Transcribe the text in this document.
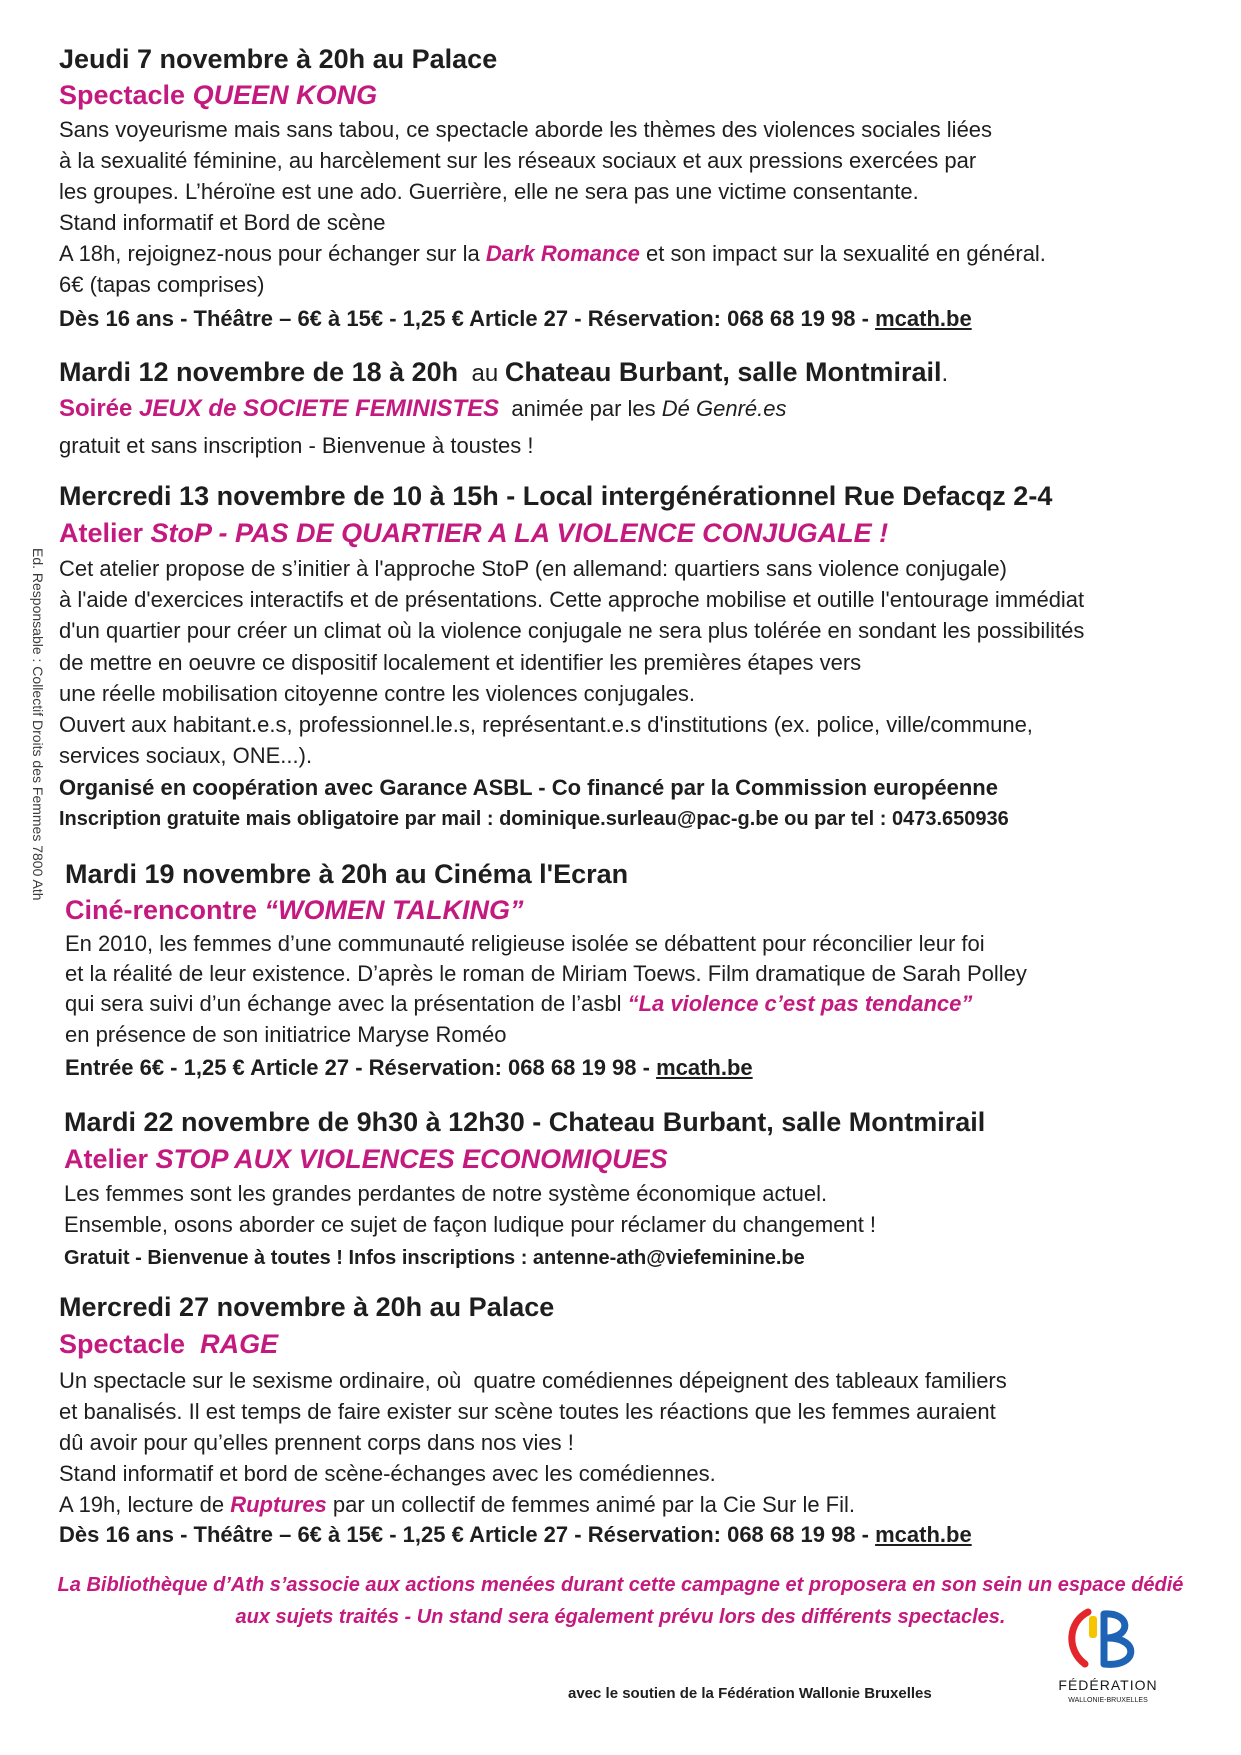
Ed. Responsable : Collectif Droits des Femmes 7800 Ath
Jeudi 7 novembre à 20h au Palace
Spectacle QUEEN KONG
Sans voyeurisme mais sans tabou, ce spectacle aborde les thèmes des violences sociales liées
à la sexualité féminine, au harcèlement sur les réseaux sociaux et aux pressions exercées par
les groupes. L’héroïne est une ado. Guerrière, elle ne sera pas une victime consentante.
Stand informatif et Bord de scène
A 18h, rejoignez-nous pour échanger sur la Dark Romance et son impact sur la sexualité en général.
6€ (tapas comprises)
Dès 16 ans - Théâtre – 6€ à 15€ - 1,25 € Article 27 - Réservation: 068 68 19 98 - mcath.be
Mardi 12 novembre de 18 à 20h  au Chateau Burbant, salle Montmirail.
Soirée JEUX de SOCIETE FEMINISTES  animée par les Dé Genré.es
gratuit et sans inscription - Bienvenue à toustes !
Mercredi 13 novembre de 10 à 15h - Local intergénérationnel Rue Defacqz 2-4
Atelier StoP - PAS DE QUARTIER A LA VIOLENCE CONJUGALE !
Cet atelier propose de s’initier à l'approche StoP (en allemand: quartiers sans violence conjugale)
à l'aide d'exercices interactifs et de présentations. Cette approche mobilise et outille l'entourage immédiat
d'un quartier pour créer un climat où la violence conjugale ne sera plus tolérée en sondant les possibilités
de mettre en oeuvre ce dispositif localement et identifier les premières étapes vers
une réelle mobilisation citoyenne contre les violences conjugales.
Ouvert aux habitant.e.s, professionnel.le.s, représentant.e.s d'institutions (ex. police, ville/commune,
services sociaux, ONE...).
Organisé en coopération avec Garance ASBL - Co financé par la Commission européenne
Inscription gratuite mais obligatoire par mail : dominique.surleau@pac-g.be ou par tel : 0473.650936
Mardi 19 novembre à 20h au Cinéma l'Ecran
Ciné-rencontre “WOMEN TALKING”
En 2010, les femmes d’une communauté religieuse isolée se débattent pour réconcilier leur foi
et la réalité de leur existence. D’après le roman de Miriam Toews. Film dramatique de Sarah Polley
qui sera suivi d’un échange avec la présentation de l’asbl “La violence c’est pas tendance”
en présence de son initiatrice Maryse Roméo
Entrée 6€ - 1,25 € Article 27 - Réservation: 068 68 19 98 - mcath.be
Mardi 22 novembre de 9h30 à 12h30 - Chateau Burbant, salle Montmirail
Atelier STOP AUX VIOLENCES ECONOMIQUES
Les femmes sont les grandes perdantes de notre système économique actuel.
Ensemble, osons aborder ce sujet de façon ludique pour réclamer du changement !
Gratuit - Bienvenue à toutes ! Infos inscriptions : antenne-ath@viefeminine.be
Mercredi 27 novembre à 20h au Palace
Spectacle  RAGE
Un spectacle sur le sexisme ordinaire, où  quatre comédiennes dépeignent des tableaux familiers
et banalisés. Il est temps de faire exister sur scène toutes les réactions que les femmes auraient
dû avoir pour qu’elles prennent corps dans nos vies !
Stand informatif et bord de scène-échanges avec les comédiennes.
A 19h, lecture de Ruptures par un collectif de femmes animé par la Cie Sur le Fil.
Dès 16 ans - Théâtre – 6€ à 15€ - 1,25 € Article 27 - Réservation: 068 68 19 98 - mcath.be
La Bibliothèque d’Ath s’associe aux actions menées durant cette campagne et proposera en son sein un espace dédié
aux sujets traités - Un stand sera également prévu lors des différents spectacles.
avec le soutien de la Fédération Wallonie Bruxelles	FÉDÉRATION
WALLONIE-BRUXELLES
